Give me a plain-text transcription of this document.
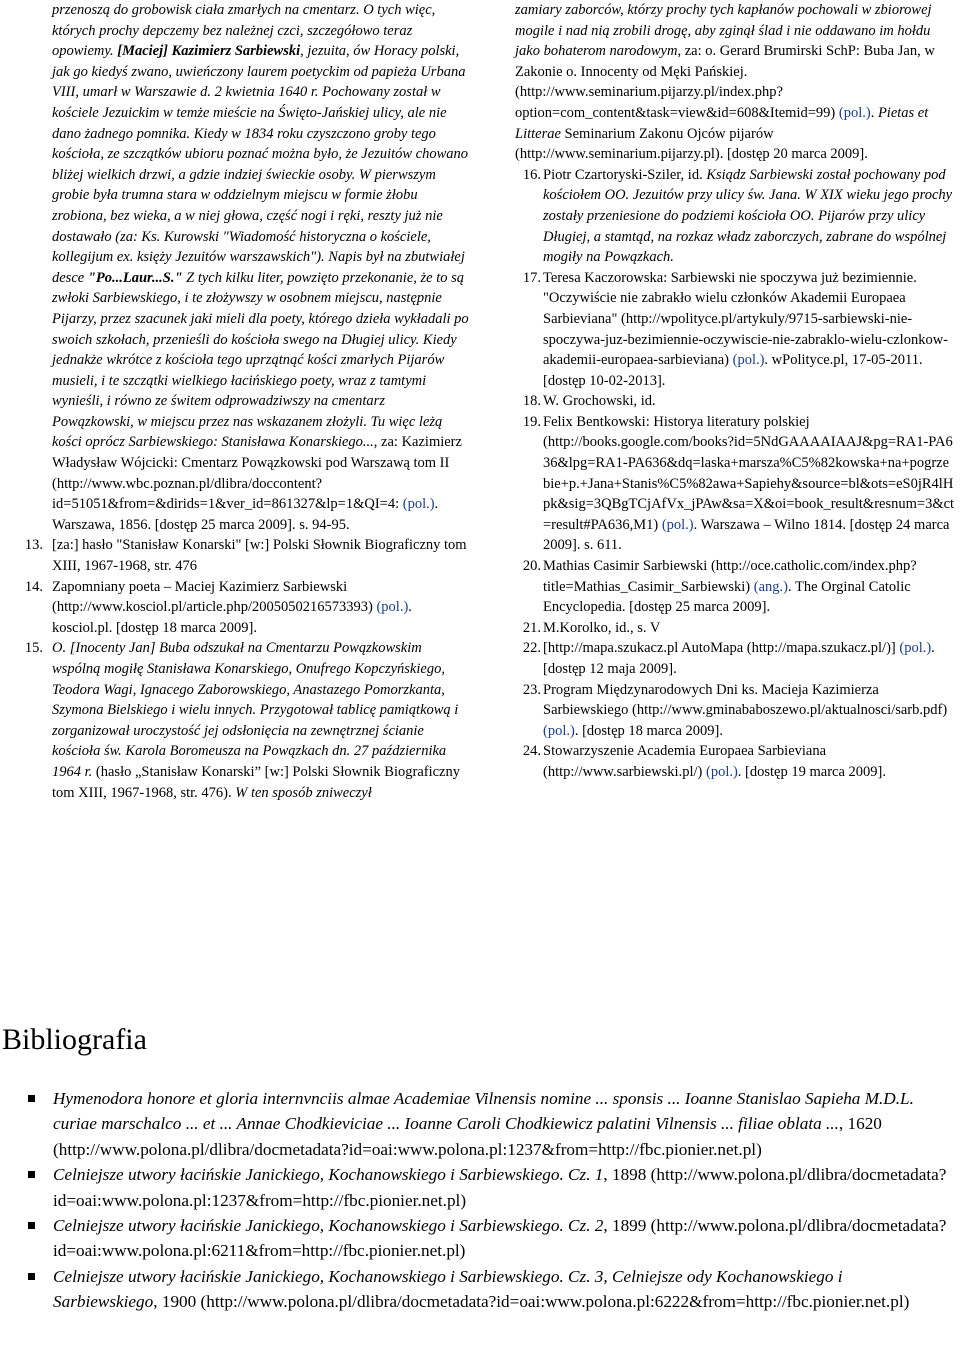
przenoszą do grobowisk ciała zmarłych na cmentarz. O tych więc, których prochy depczemy bez należnej czci, szczegółowo teraz opowiemy. [Maciej] Kazimierz Sarbiewski, jezuita, ów Horacy polski, jak go kiedyś zwano, uwieńczony laurem poetyckim od papieża Urbana VIII, umarł w Warszawie d. 2 kwietnia 1640 r. Pochowany został w kościele Jezuickim w temże mieście na Święto-Jańskiej ulicy, ale nie dano żadnego pomnika. Kiedy w 1834 roku czyszczono groby tego kościoła, ze szczątków ubioru poznać można było, że Jezuitów chowano bliżej wielkich drzwi, a gdzie indziej świeckie osoby. W pierwszym grobie była trumna stara w oddzielnym miejscu w formie żłobu zrobiona, bez wieka, a w niej głowa, część nogi i ręki, reszty już nie dostawało (za: Ks. Kurowski "Wiadomość historyczna o kościele, kollegijum ex. księży Jezuitów warszawskich"). Napis był na zbutwiałej desce "Po...Laur...S." Z tych kilku liter, powzięto przekonanie, że to są zwłoki Sarbiewskiego, i te złożywszy w osobnem miejscu, następnie Pijarzy, przez szacunek jaki mieli dla poety, którego dzieła wykładali po swoich szkołach, przenieśli do kościoła swego na Długiej ulicy. Kiedy jednakże wkrótce z kościoła tego uprzątnąć kości zmarłych Pijarów musieli, i te szczątki wielkiego łacińskiego poety, wraz z tamtymi wynieśli, i równo ze świtem odprowadziwszy na cmentarz Powązkowski, w miejscu przez nas wskazanem złożyli. Tu więc leżą kości oprócz Sarbiewskiego: Stanisława Konarskiego..., za: Kazimierz Władysław Wójcicki: Cmentarz Powązkowski pod Warszawą tom II (http://www.wbc.poznan.pl/dlibra/doccontent?id=51051&from=&dirids=1&ver_id=861327&lp=1&QI=4: (pol.). Warszawa, 1856. [dostęp 25 marca 2009]. s. 94-95.

13. [za:] hasło "Stanisław Konarski" [w:] Polski Słownik Biograficzny tom XIII, 1967-1968, str. 476
14. Zapomniany poeta – Maciej Kazimierz Sarbiewski (http://www.kosciol.pl/article.php/2005050216573393) (pol.). kosciol.pl. [dostęp 18 marca 2009].
15. O. [Inocenty Jan] Buba odszukał na Cmentarzu Powązkowskim wspólną mogiłę Stanisława Konarskiego, Onufrego Kopczyńskiego, Teodora Wagi, Ignacego Zaborowskiego, Anastazego Pomorzkanta, Szymona Bielskiego i wielu innych. Przygotował tablicę pamiątkową i zorganizował uroczystość jej odsłonięcia na zewnętrznej ścianie kościoła św. Karola Boromeusza na Powązkach dn. 27 października 1964 r. (hasło „Stanisław Konarski” [w:] Polski Słownik Biograficzny tom XIII, 1967-1968, str. 476). W ten sposób zniweczył

zamiary zaborców, którzy prochy tych kapłanów pochowali w zbiorowej mogile i nad nią zrobili drogę, aby zginął ślad i nie oddawano im hołdu jako bohaterom narodowym, za: o. Gerard Brumirski SchP: Buba Jan, w Zakonie o. Innocenty od Męki Pańskiej. (http://www.seminarium.pijarzy.pl/index.php?option=com_content&task=view&id=608&Itemid=99) (pol.). Pietas et Litterae Seminarium Zakonu Ojców pijarów (http://www.seminarium.pijarzy.pl). [dostęp 20 marca 2009].

16. Piotr Czartoryski-Sziler, id. Ksiądz Sarbiewski został pochowany pod kościołem OO. Jezuitów przy ulicy św. Jana. W XIX wieku jego prochy zostały przeniesione do podziemi kościoła OO. Pijarów przy ulicy Długiej, a stamtąd, na rozkaz władz zaborczych, zabrane do wspólnej mogiły na Powązkach.
17. Teresa Kaczorowska: Sarbiewski nie spoczywa już bezimiennie. "Oczywiście nie zabrakło wielu członków Akademii Europaea Sarbieviana" (http://wpolityce.pl/artykuly/9715-sarbiewski-nie-spoczywa-juz-bezimiennie-oczywiscie-nie-zabraklo-wielu-czlonkow-akademii-europaea-sarbieviana) (pol.). wPolityce.pl, 17-05-2011. [dostęp 10-02-2013].
18. W. Grochowski, id.
19. Felix Bentkowski: Historya literatury polskiej (http://books.google.com/books?id=5NdGAAAAIAAJ&pg=RA1-PA636&lpg=RA1-PA636&dq=laska+marsza%C5%82kowska+na+pogrzebie+p.+Jana+Stanis%C5%82awa+Sapiehy&source=bl&ots=eS0jR4lHpk&sig=3QBgTCjAfVx_jPAw&sa=X&oi=book_result&resnum=3&ct=result#PA636,M1) (pol.). Warszawa – Wilno 1814. [dostęp 24 marca 2009]. s. 611.
20. Mathias Casimir Sarbiewski (http://oce.catholic.com/index.php?title=Mathias_Casimir_Sarbiewski) (ang.). The Orginal Catolic Encyclopedia. [dostęp 25 marca 2009].
21. M.Korolko, id., s. V
22. [http://mapa.szukacz.pl AutoMapa (http://mapa.szukacz.pl/)] (pol.). [dostęp 12 maja 2009].
23. Program Międzynarodowych Dni ks. Macieja Kazimierza Sarbiewskiego (http://www.gminababoszewo.pl/aktualnosci/sarb.pdf) (pol.). [dostęp 18 marca 2009].
24. Stowarzyszenie Academia Europaea Sarbieviana (http://www.sarbiewski.pl/) (pol.). [dostęp 19 marca 2009].
Bibliografia
Hymenodora honore et gloria internvnciis almae Academiae Vilnensis nomine ... sponsis ... Ioanne Stanislao Sapieha M.D.L. curiae marschalco ... et ... Annae Chodkieviciae ... Ioanne Caroli Chodkiewicz palatini Vilnensis ... filiae oblata ..., 1620 (http://www.polona.pl/dlibra/docmetadata?id=oai:www.polona.pl:1237&from=http://fbc.pionier.net.pl)
Celniejsze utwory łacińskie Janickiego, Kochanowskiego i Sarbiewskiego. Cz. 1, 1898 (http://www.polona.pl/dlibra/docmetadata?id=oai:www.polona.pl:1237&from=http://fbc.pionier.net.pl)
Celniejsze utwory łacińskie Janickiego, Kochanowskiego i Sarbiewskiego. Cz. 2, 1899 (http://www.polona.pl/dlibra/docmetadata?id=oai:www.polona.pl:6211&from=http://fbc.pionier.net.pl)
Celniejsze utwory łacińskie Janickiego, Kochanowskiego i Sarbiewskiego. Cz. 3, Celniejsze ody Kochanowskiego i Sarbiewskiego, 1900 (http://www.polona.pl/dlibra/docmetadata?id=oai:www.polona.pl:6222&from=http://fbc.pionier.net.pl)
